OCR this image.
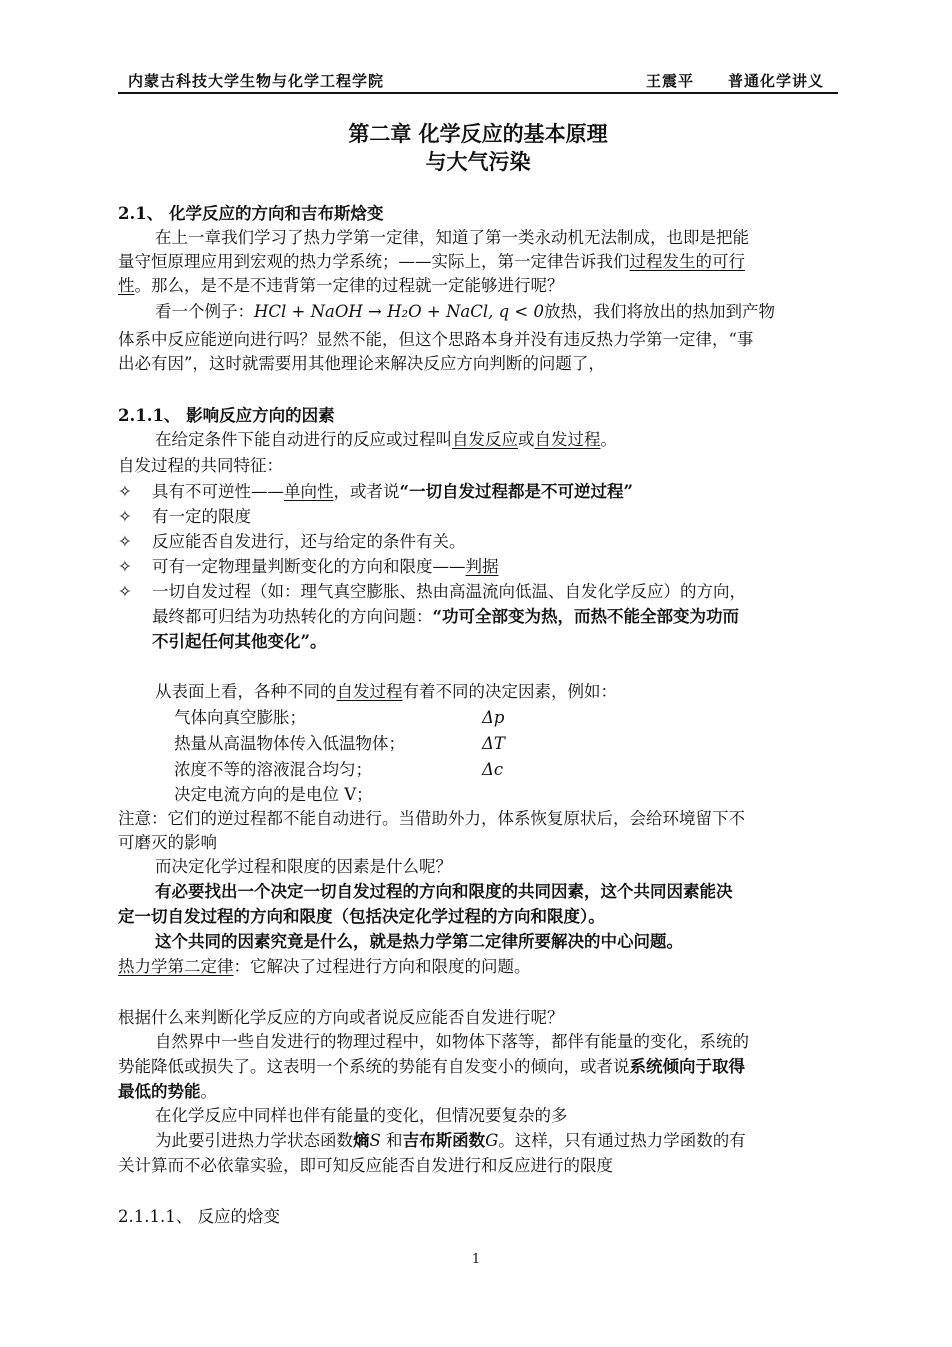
内蒙古科技大学生物与化学工程学院	王震平 普通化学讲义
第二章 化学反应的基本原理
与大气污染
2.1、 化学反应的方向和吉布斯焓变
在上一章我们学习了热力学第一定律，知道了第一类永动机无法制成，也即是把能
量守恒原理应用到宏观的热力学系统；——实际上，第一定律告诉我们过程发生的可行
性。那么，是不是不违背第一定律的过程就一定能够进行呢？
看一个例子：HCl + NaOH → H₂O + NaCl, q < 0放热，我们将放出的热加到产物
体系中反应能逆向进行吗？显然不能，但这个思路本身并没有违反热力学第一定律，“事
出必有因”，这时就需要用其他理论来解决反应方向判断的问题了，
2.1.1、 影响反应方向的因素
在给定条件下能自动进行的反应或过程叫自发反应或自发过程。
自发过程的共同特征：
✧ 具有不可逆性——单向性，或者说“一切自发过程都是不可逆过程”
✧ 有一定的限度
✧ 反应能否自发进行，还与给定的条件有关。
✧ 可有一定物理量判断变化的方向和限度——判据
✧ 一切自发过程（如：理气真空膨胀、热由高温流向低温、自发化学反应）的方向，
最终都可归结为功热转化的方向问题：“功可全部变为热，而热不能全部变为功而
不引起任何其他变化”。
从表面上看，各种不同的自发过程有着不同的决定因素，例如：
气体向真空膨胀；	Δp
热量从高温物体传入低温物体；	ΔT
浓度不等的溶液混合均匀；	Δc
决定电流方向的是电位 V；
注意：它们的逆过程都不能自动进行。当借助外力，体系恢复原状后，会给环境留下不
可磨灭的影响
而决定化学过程和限度的因素是什么呢？
有必要找出一个决定一切自发过程的方向和限度的共同因素，这个共同因素能决
定一切自发过程的方向和限度（包括决定化学过程的方向和限度）。
这个共同的因素究竟是什么，就是热力学第二定律所要解决的中心问题。
热力学第二定律：它解决了过程进行方向和限度的问题。
根据什么来判断化学反应的方向或者说反应能否自发进行呢？
自然界中一些自发进行的物理过程中，如物体下落等，都伴有能量的变化，系统的
势能降低或损失了。这表明一个系统的势能有自发变小的倾向，或者说系统倾向于取得
最低的势能。
在化学反应中同样也伴有能量的变化，但情况要复杂的多
为此要引进热力学状态函数熵S 和吉布斯函数G。这样，只有通过热力学函数的有
关计算而不必依靠实验，即可知反应能否自发进行和反应进行的限度
2.1.1.1、 反应的焓变
1
